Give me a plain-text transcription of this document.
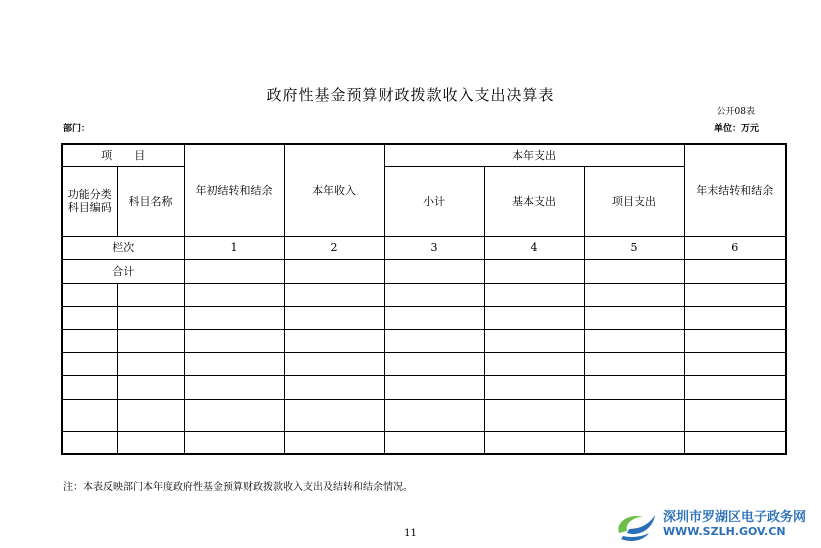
政府性基金预算财政拨款收入支出决算表
公开08表
部门：	单位：万元
项　　目		年初结转和结余	本年收入	本年支出			年末结转和结余
功能分类科目编码	科目名称			小计	基本支出	项目支出	
栏次		1	2	3	4	5	6
合计							

注：本表反映部门本年度政府性基金预算财政拨款收入支出及结转和结余情况。
11
深圳市罗湖区电子政务网
WWW.SZLH.GOV.CN
